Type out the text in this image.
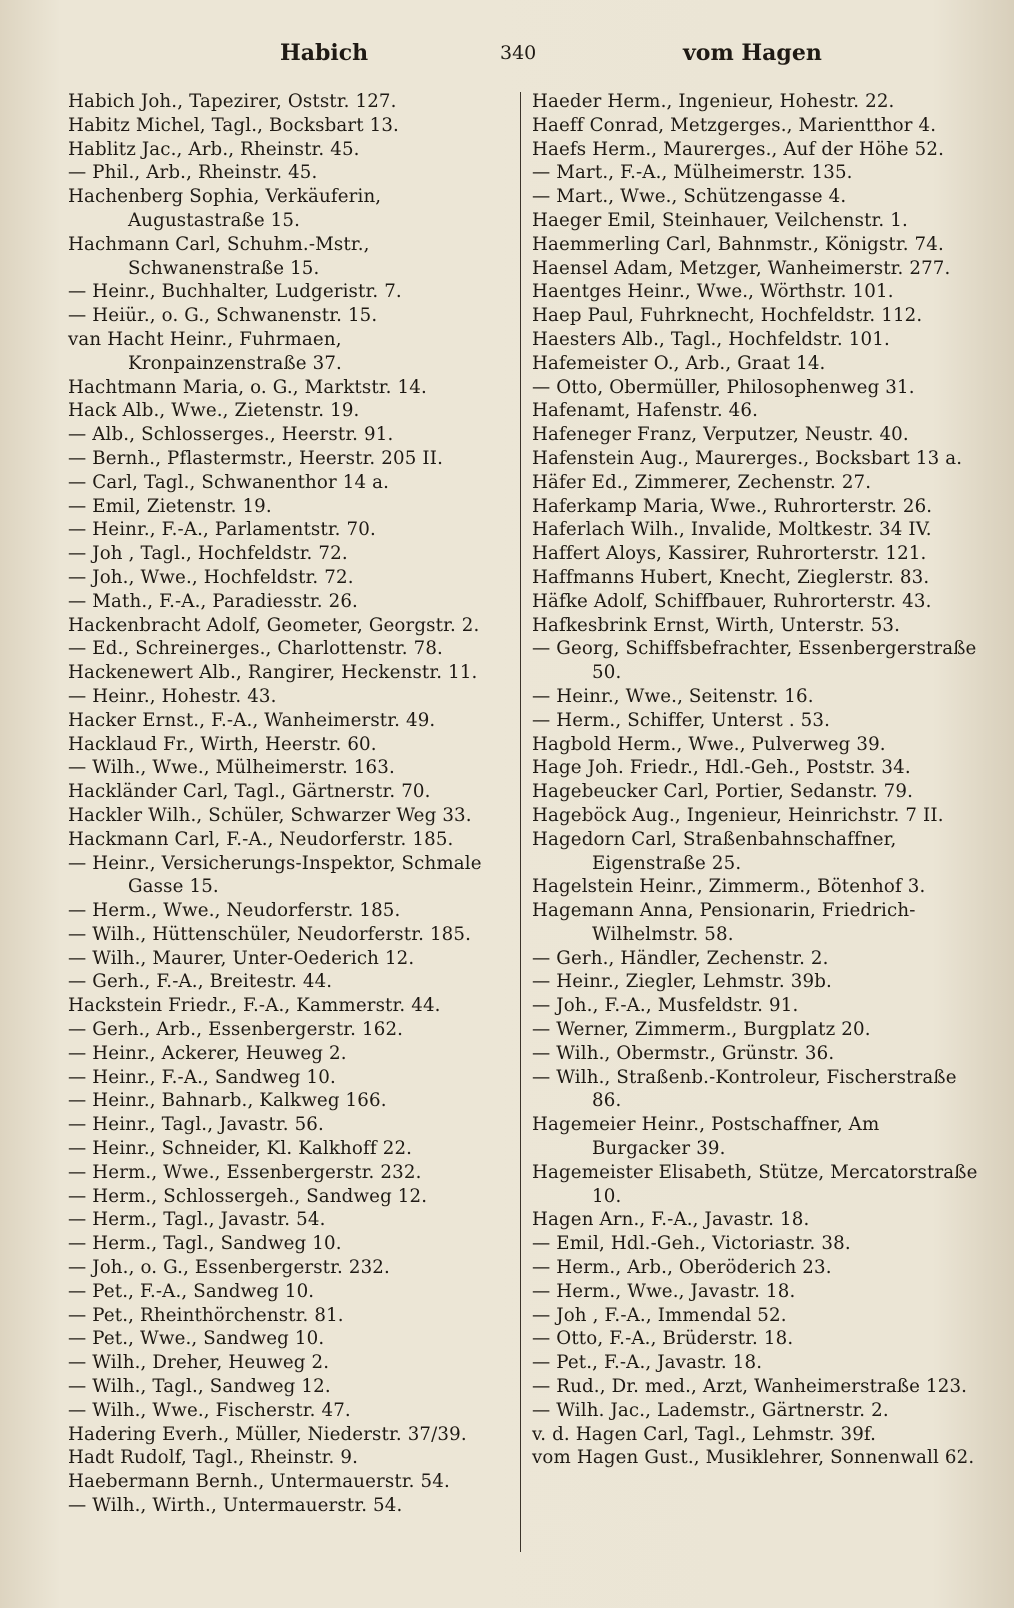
Habich	340	vom Hagen
Habich Joh., Tapezirer, Oststr. 127.
Habitz Michel, Tagl., Bocksbart 13.
Hablitz Jac., Arb., Rheinstr. 45.
— Phil., Arb., Rheinstr. 45.
Hachenberg Sophia, Verkäuferin, Augustastraße 15.
Hachmann Carl, Schuhm.-Mstr., Schwanenstraße 15.
— Heinr., Buchhalter, Ludgeristr. 7.
— Heiür., o. G., Schwanenstr. 15.
van Hacht Heinr., Fuhrmaen, Kronpainzenstraße 37.
Hachtmann Maria, o. G., Marktstr. 14.
Hack Alb., Wwe., Zietenstr. 19.
— Alb., Schlosserges., Heerstr. 91.
— Bernh., Pflastermstr., Heerstr. 205 II.
— Carl, Tagl., Schwanenthor 14 a.
— Emil, Zietenstr. 19.
— Heinr., F.-A., Parlamentstr. 70.
— Joh , Tagl., Hochfeldstr. 72.
— Joh., Wwe., Hochfeldstr. 72.
— Math., F.-A., Paradiesstr. 26.
Hackenbracht Adolf, Geometer, Georgstr. 2.
— Ed., Schreinerges., Charlottenstr. 78.
Hackenewert Alb., Rangirer, Heckenstr. 11.
— Heinr., Hohestr. 43.
Hacker Ernst., F.-A., Wanheimerstr. 49.
Hacklaud Fr., Wirth, Heerstr. 60.
— Wilh., Wwe., Mülheimerstr. 163.
Hackländer Carl, Tagl., Gärtnerstr. 70.
Hackler Wilh., Schüler, Schwarzer Weg 33.
Hackmann Carl, F.-A., Neudorferstr. 185.
— Heinr., Versicherungs-Inspektor, Schmale Gasse 15.
— Herm., Wwe., Neudorferstr. 185.
— Wilh., Hüttenschüler, Neudorferstr. 185.
— Wilh., Maurer, Unter-Oederich 12.
— Gerh., F.-A., Breitestr. 44.
Hackstein Friedr., F.-A., Kammerstr. 44.
— Gerh., Arb., Essenbergerstr. 162.
— Heinr., Ackerer, Heuweg 2.
— Heinr., F.-A., Sandweg 10.
— Heinr., Bahnarb., Kalkweg 166.
— Heinr., Tagl., Javastr. 56.
— Heinr., Schneider, Kl. Kalkhoff 22.
— Herm., Wwe., Essenbergerstr. 232.
— Herm., Schlossergeh., Sandweg 12.
— Herm., Tagl., Javastr. 54.
— Herm., Tagl., Sandweg 10.
— Joh., o. G., Essenbergerstr. 232.
— Pet., F.-A., Sandweg 10.
— Pet., Rheinthörchenstr. 81.
— Pet., Wwe., Sandweg 10.
— Wilh., Dreher, Heuweg 2.
— Wilh., Tagl., Sandweg 12.
— Wilh., Wwe., Fischerstr. 47.
Hadering Everh., Müller, Niederstr. 37/39.
Hadt Rudolf, Tagl., Rheinstr. 9.
Haebermann Bernh., Untermauerstr. 54.
— Wilh., Wirth., Untermauerstr. 54.
Haeder Herm., Ingenieur, Hohestr. 22.
Haeff Conrad, Metzgerges., Marientthor 4.
Haefs Herm., Maurerges., Auf der Höhe 52.
— Mart., F.-A., Mülheimerstr. 135.
— Mart., Wwe., Schützengasse 4.
Haeger Emil, Steinhauer, Veilchenstr. 1.
Haemmerling Carl, Bahnmstr., Königstr. 74.
Haensel Adam, Metzger, Wanheimerstr. 277.
Haentges Heinr., Wwe., Wörthstr. 101.
Haep Paul, Fuhrknecht, Hochfeldstr. 112.
Haesters Alb., Tagl., Hochfeldstr. 101.
Hafemeister O., Arb., Graat 14.
— Otto, Obermüller, Philosophenweg 31.
Hafenamt, Hafenstr. 46.
Hafeneger Franz, Verputzer, Neustr. 40.
Hafenstein Aug., Maurerges., Bocksbart 13 a.
Häfer Ed., Zimmerer, Zechenstr. 27.
Haferkamp Maria, Wwe., Ruhrorterstr. 26.
Haferlach Wilh., Invalide, Moltkestr. 34 IV.
Haffert Aloys, Kassirer, Ruhrorterstr. 121.
Haffmanns Hubert, Knecht, Zieglerstr. 83.
Häfke Adolf, Schiffbauer, Ruhrorterstr. 43.
Hafkesbrink Ernst, Wirth, Unterstr. 53.
— Georg, Schiffsbefrachter, Essenbergerstraße 50.
— Heinr., Wwe., Seitenstr. 16.
— Herm., Schiffer, Unterst . 53.
Hagbold Herm., Wwe., Pulverweg 39.
Hage Joh. Friedr., Hdl.-Geh., Poststr. 34.
Hagebeucker Carl, Portier, Sedanstr. 79.
Hageböck Aug., Ingenieur, Heinrichstr. 7 II.
Hagedorn Carl, Straßenbahnschaffner, Eigenstraße 25.
Hagelstein Heinr., Zimmerm., Bötenhof 3.
Hagemann Anna, Pensionarin, Friedrich-Wilhelmstr. 58.
— Gerh., Händler, Zechenstr. 2.
— Heinr., Ziegler, Lehmstr. 39b.
— Joh., F.-A., Musfeldstr. 91.
— Werner, Zimmerm., Burgplatz 20.
— Wilh., Obermstr., Grünstr. 36.
— Wilh., Straßenb.-Kontroleur, Fischerstraße 86.
Hagemeier Heinr., Postschaffner, Am Burgacker 39.
Hagemeister Elisabeth, Stütze, Mercatorstraße 10.
Hagen Arn., F.-A., Javastr. 18.
— Emil, Hdl.-Geh., Victoriastr. 38.
— Herm., Arb., Oberöderich 23.
— Herm., Wwe., Javastr. 18.
— Joh , F.-A., Immendal 52.
— Otto, F.-A., Brüderstr. 18.
— Pet., F.-A., Javastr. 18.
— Rud., Dr. med., Arzt, Wanheimerstraße 123.
— Wilh. Jac., Lademstr., Gärtnerstr. 2.
v. d. Hagen Carl, Tagl., Lehmstr. 39f.
vom Hagen Gust., Musiklehrer, Sonnenwall 62.
